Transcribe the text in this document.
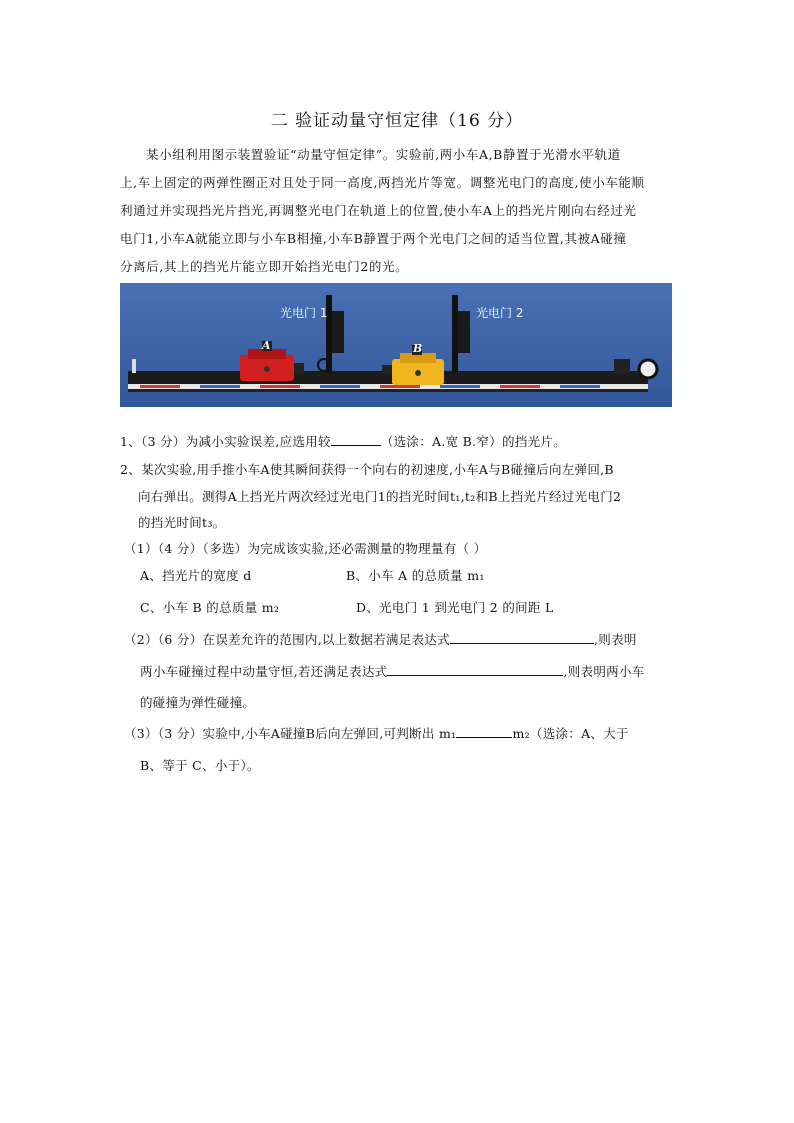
二 验证动量守恒定律（16 分）
某小组利用图示装置验证“动量守恒定律”。实验前,两小车A,B静置于光滑水平轨道
上,车上固定的两弹性圈正对且处于同一高度,两挡光片等宽。调整光电门的高度,使小车能顺
利通过并实现挡光片挡光,再调整光电门在轨道上的位置,使小车A上的挡光片刚向右经过光
电门1,小车A就能立即与小车B相撞,小车B静置于两个光电门之间的适当位置,其被A碰撞
分离后,其上的挡光片能立即开始挡光电门2的光。
光电门 1	光电门 2
A	B
1、（3 分）为减小实验误差,应选用较	（选涂：A.宽 B.窄）的挡光片。
2、某次实验,用手推小车A使其瞬间获得一个向右的初速度,小车A与B碰撞后向左弹回,B
向右弹出。测得A上挡光片两次经过光电门1的挡光时间t₁,t₂和B上挡光片经过光电门2
的挡光时间t₃。
（1）（4 分）（多选）为完成该实验,还必需测量的物理量有（ ）
A、挡光片的宽度 d	B、小车 A 的总质量 m₁
C、小车 B 的总质量 m₂	D、光电门 1 到光电门 2 的间距 L
（2）（6 分）在误差允许的范围内,以上数据若满足表达式	,则表明
两小车碰撞过程中动量守恒,若还满足表达式	,则表明两小车
的碰撞为弹性碰撞。
（3）（3 分）实验中,小车A碰撞B后向左弹回,可判断出 m₁	m₂（选涂：A、大于
B、等于 C、小于）。
